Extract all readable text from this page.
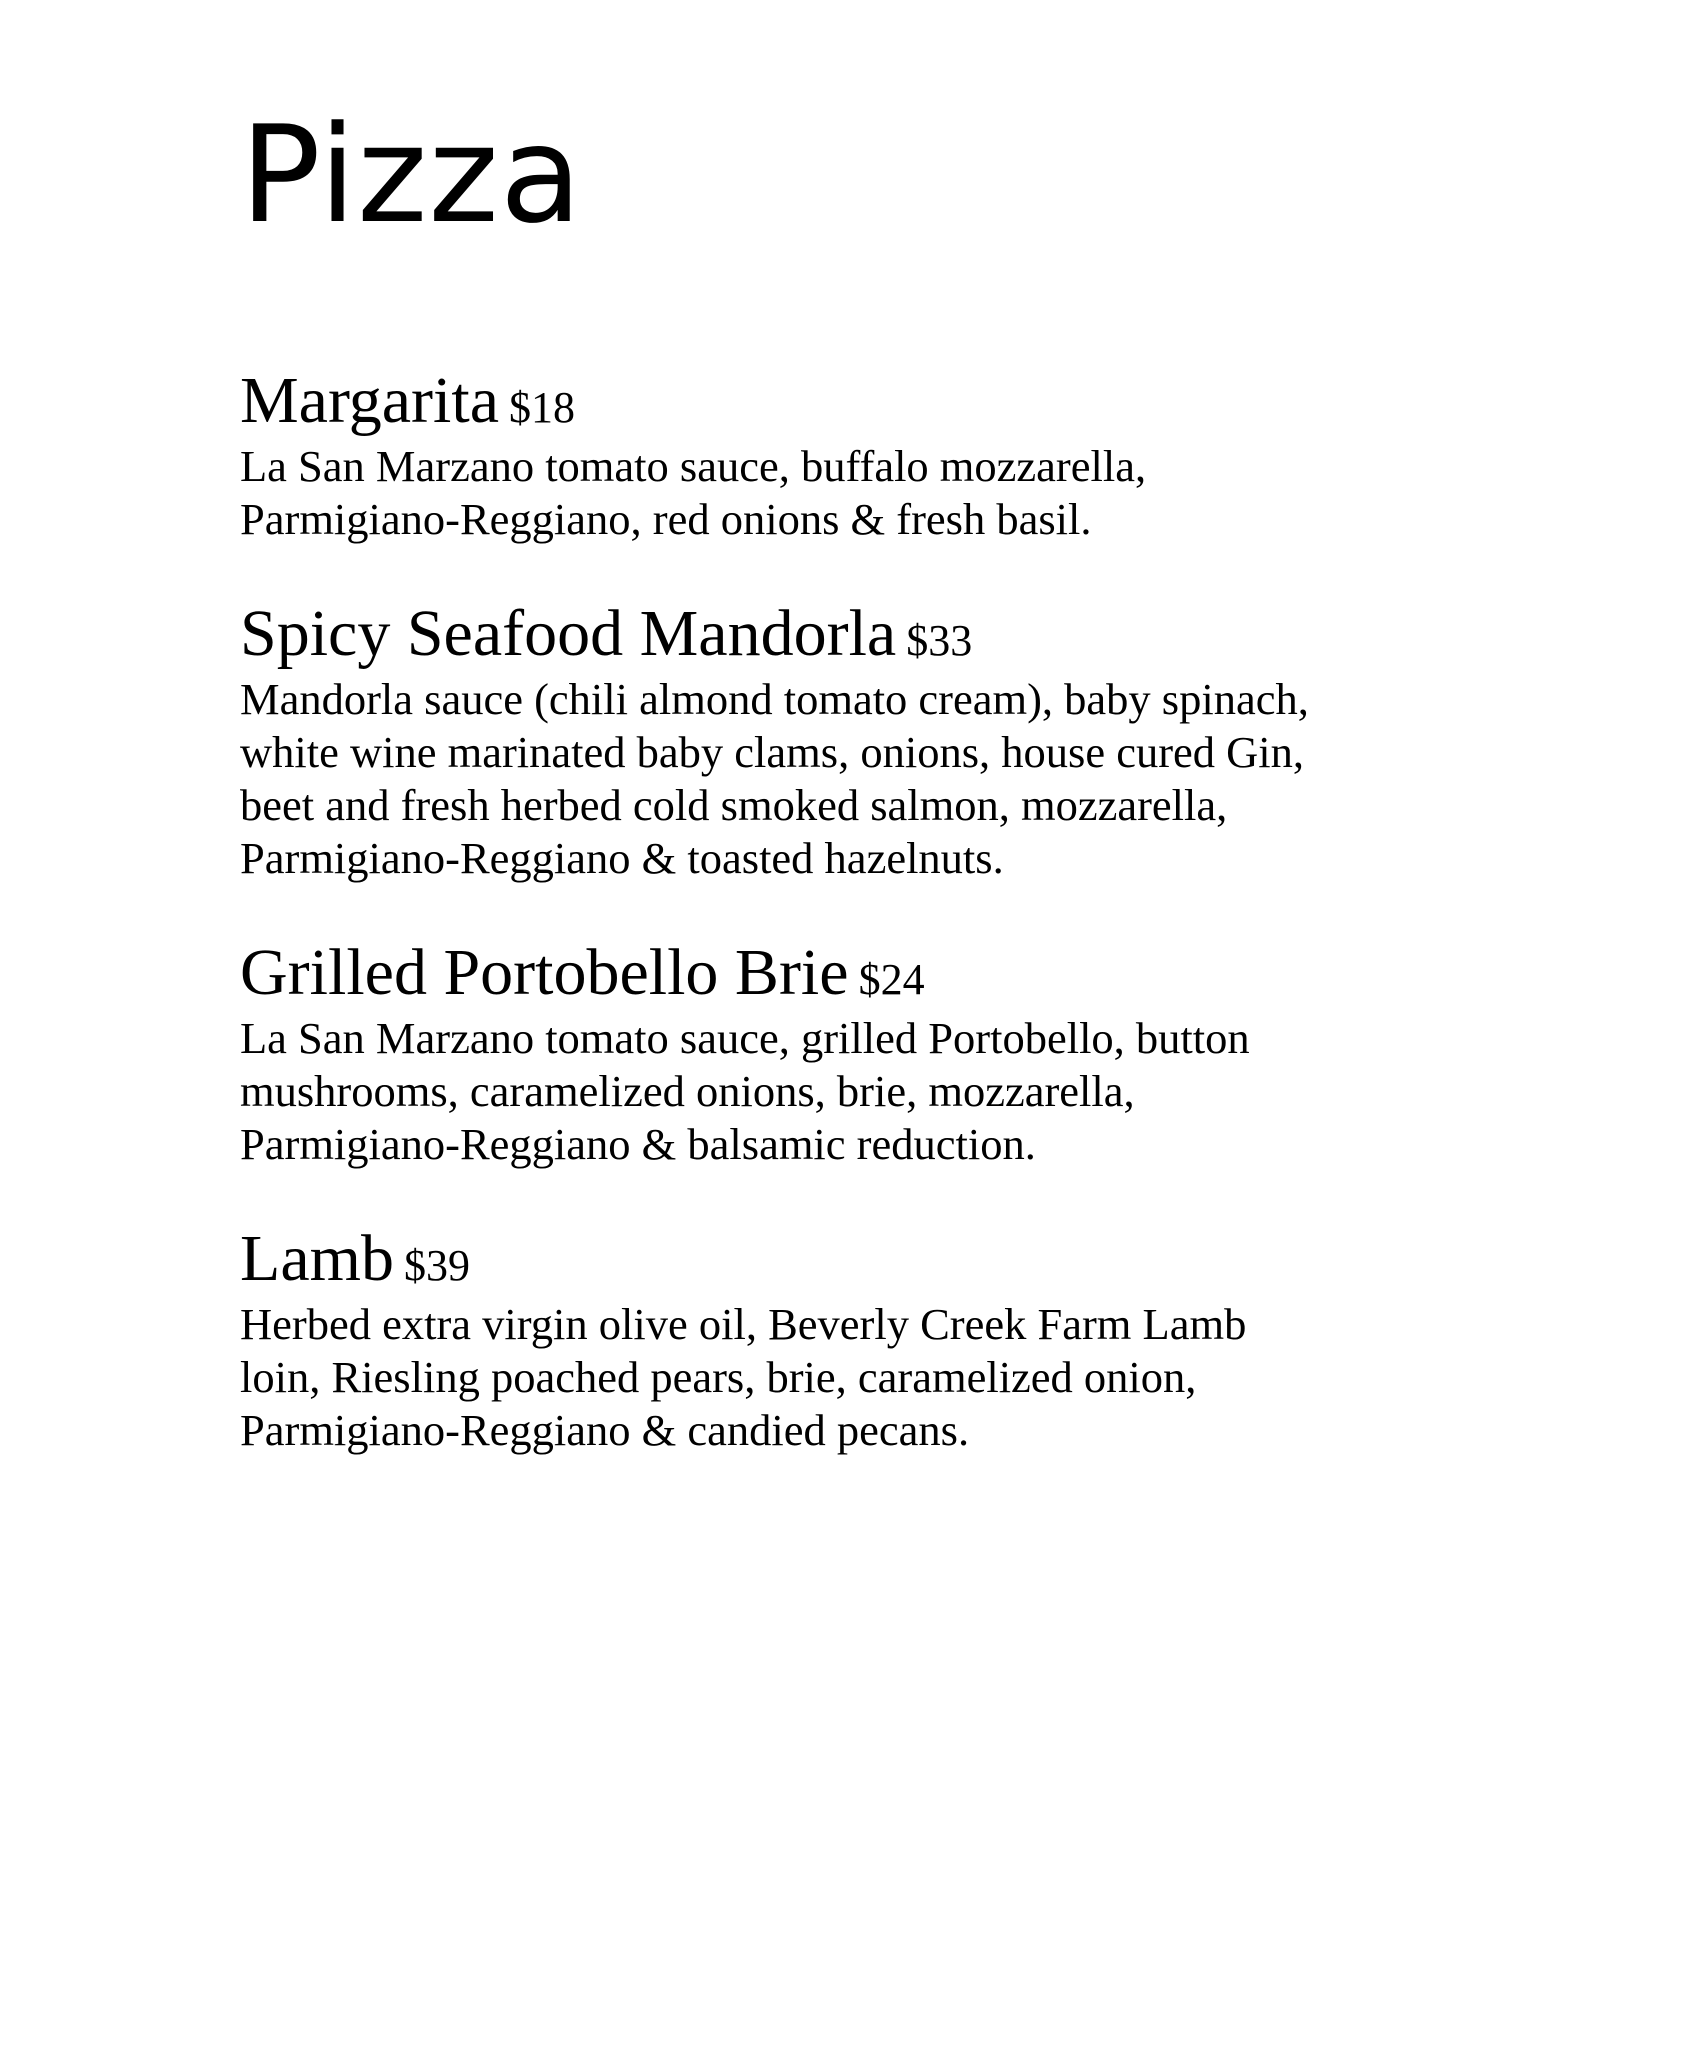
Pizza
Margarita $18

La San Marzano tomato sauce, buffalo mozzarella,
Parmigiano-Reggiano, red onions & fresh basil.

Spicy Seafood Mandorla $33

Mandorla sauce (chili almond tomato cream), baby spinach,
white wine marinated baby clams, onions, house cured Gin,
beet and fresh herbed cold smoked salmon, mozzarella,
Parmigiano-Reggiano & toasted hazelnuts.

Grilled Portobello Brie $24

La San Marzano tomato sauce, grilled Portobello, button
mushrooms, caramelized onions, brie, mozzarella,
Parmigiano-Reggiano & balsamic reduction.

Lamb $39

Herbed extra virgin olive oil, Beverly Creek Farm Lamb
loin, Riesling poached pears, brie, caramelized onion,
Parmigiano-Reggiano & candied pecans.
